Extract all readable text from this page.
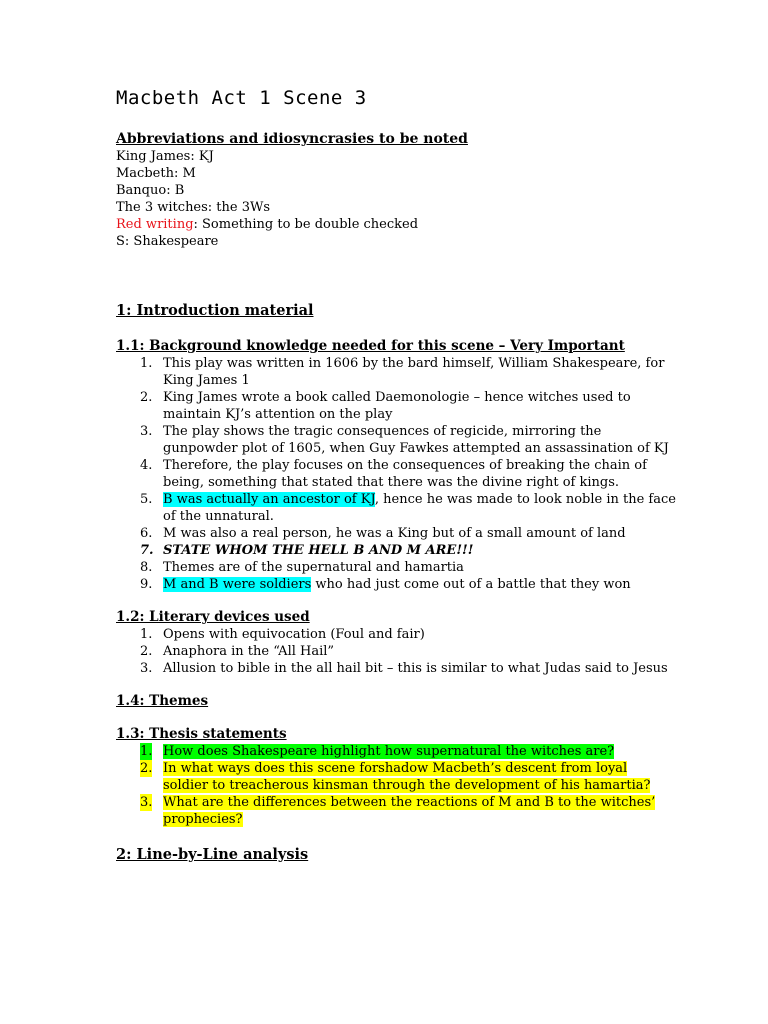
Macbeth Act 1 Scene 3

Abbreviations and idiosyncrasies to be noted

King James: KJ

Macbeth: M

Banquo: B

The 3 witches: the 3Ws

Red writing: Something to be double checked

S: Shakespeare

1: Introduction material

1.1: Background knowledge needed for this scene – Very Important

1. This play was written in 1606 by the bard himself, William Shakespeare, for King James 1
2. King James wrote a book called Daemonologie – hence witches used to maintain KJ’s attention on the play
3. The play shows the tragic consequences of regicide, mirroring the gunpowder plot of 1605, when Guy Fawkes attempted an assassination of KJ
4. Therefore, the play focuses on the consequences of breaking the chain of being, something that stated that there was the divine right of kings.
5. B was actually an ancestor of KJ, hence he was made to look noble in the face of the unnatural.
6. M was also a real person, he was a King but of a small amount of land
7. STATE WHOM THE HELL B AND M ARE!!!
8. Themes are of the supernatural and hamartia
9. M and B were soldiers who had just come out of a battle that they won

1.2: Literary devices used

1. Opens with equivocation (Foul and fair)
2. Anaphora in the “All Hail”
3. Allusion to bible in the all hail bit – this is similar to what Judas said to Jesus

1.4: Themes

1.3: Thesis statements

1. How does Shakespeare highlight how supernatural the witches are?
2. In what ways does this scene forshadow Macbeth’s descent from loyal soldier to treacherous kinsman through the development of his hamartia?
3. What are the differences between the reactions of M and B to the witches’ prophecies?

2: Line-by-Line analysis
